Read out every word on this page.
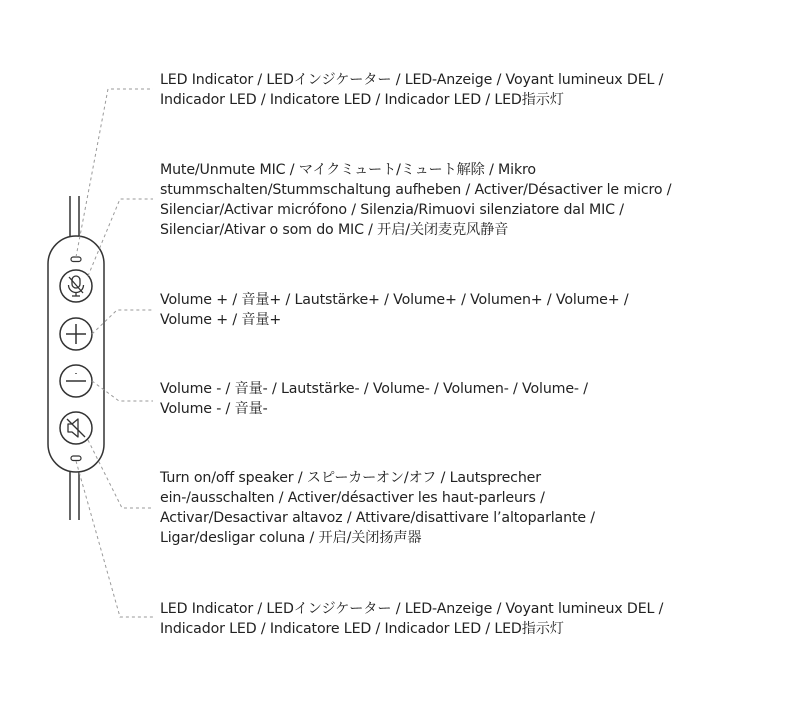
LED Indicator / LEDインジケーター / LED-Anzeige / Voyant lumineux DEL /
Indicador LED / Indicatore LED / Indicador LED / LED指示灯
Mute/Unmute MIC / マイクミュート/ミュート解除 / Mikro
stummschalten/Stummschaltung aufheben / Activer/Désactiver le micro /
Silenciar/Activar micrófono / Silenzia/Rimuovi silenziatore dal MIC /
Silenciar/Ativar o som do MIC / 开启/关闭麦克风静音
Volume + / 音量+ / Lautstärke+ / Volume+ / Volumen+ / Volume+ /
Volume + / 音量+
Volume - / 音量- / Lautstärke- / Volume- / Volumen- / Volume- /
Volume - / 音量-
Turn on/off speaker / スピーカーオン/オフ / Lautsprecher
ein-/ausschalten / Activer/désactiver les haut-parleurs /
Activar/Desactivar altavoz / Attivare/disattivare l’altoparlante /
Ligar/desligar coluna / 开启/关闭扬声器
LED Indicator / LEDインジケーター / LED-Anzeige / Voyant lumineux DEL /
Indicador LED / Indicatore LED / Indicador LED / LED指示灯
